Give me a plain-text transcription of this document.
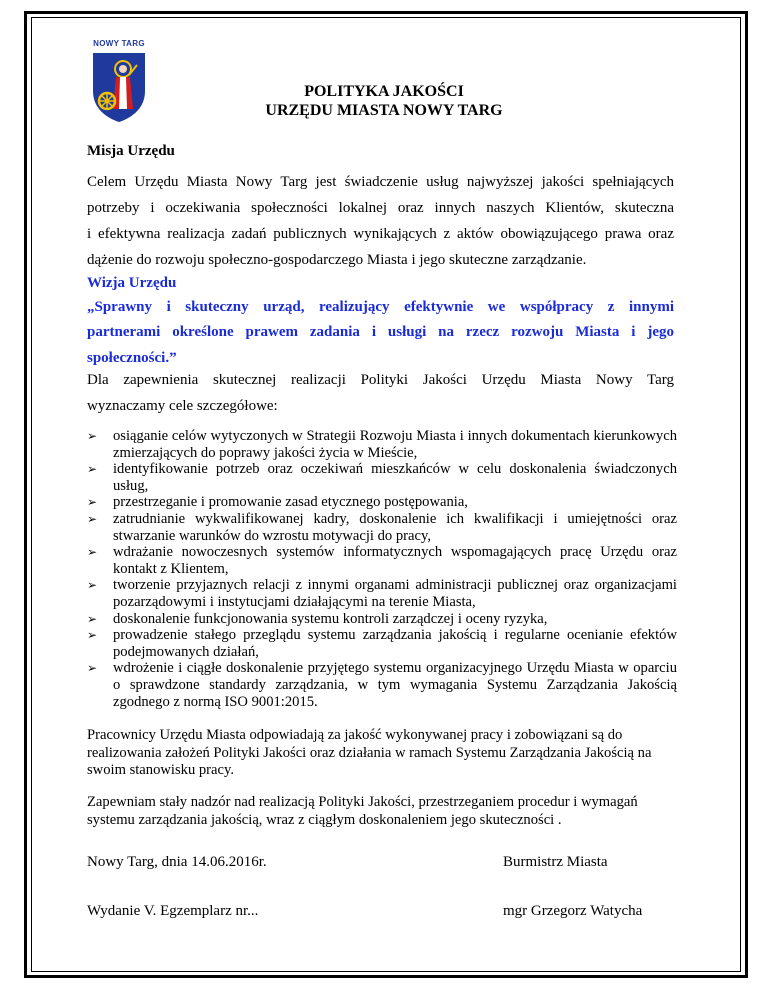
NOWY TARG
POLITYKA JAKOŚCI
URZĘDU MIASTA NOWY TARG
Misja Urzędu
Celem Urzędu Miasta Nowy Targ jest świadczenie usług najwyższej jakości spełniających
potrzeby i oczekiwania społeczności lokalnej oraz innych naszych Klientów, skuteczna
i efektywna realizacja zadań publicznych wynikających z aktów obowiązującego prawa oraz
dążenie do rozwoju społeczno-gospodarczego Miasta i jego skuteczne zarządzanie.
Wizja Urzędu
„Sprawny i skuteczny urząd, realizujący efektywnie we współpracy z innymi
partnerami określone prawem zadania i usługi na rzecz rozwoju Miasta i jego
społeczności.”
Dla zapewnienia skutecznej realizacji Polityki Jakości Urzędu Miasta Nowy Targ
wyznaczamy cele szczegółowe:
➢ osiąganie celów wytyczonych w Strategii Rozwoju Miasta i innych dokumentach kierunkowych zmierzających do poprawy jakości życia w Mieście,
➢ identyfikowanie potrzeb oraz oczekiwań mieszkańców w celu doskonalenia świadczonych usług,
➢ przestrzeganie i promowanie zasad etycznego postępowania,
➢ zatrudnianie wykwalifikowanej kadry, doskonalenie ich kwalifikacji i umiejętności oraz stwarzanie warunków do wzrostu motywacji do pracy,
➢ wdrażanie nowoczesnych systemów informatycznych wspomagających pracę Urzędu oraz kontakt z Klientem,
➢ tworzenie przyjaznych relacji z innymi organami administracji publicznej oraz organizacjami pozarządowymi i instytucjami działającymi na terenie Miasta,
➢ doskonalenie funkcjonowania systemu kontroli zarządczej i oceny ryzyka,
➢ prowadzenie stałego przeglądu systemu zarządzania jakością i regularne ocenianie efektów podejmowanych działań,
➢ wdrożenie i ciągłe doskonalenie przyjętego systemu organizacyjnego Urzędu Miasta w oparciu o sprawdzone standardy zarządzania, w tym wymagania Systemu Zarządzania Jakością zgodnego z normą ISO 9001:2015.
Pracownicy Urzędu Miasta odpowiadają za jakość wykonywanej pracy i zobowiązani są do realizowania założeń Polityki Jakości oraz działania w ramach Systemu Zarządzania Jakością na swoim stanowisku pracy.
Zapewniam stały nadzór nad realizacją Polityki Jakości, przestrzeganiem procedur i wymagań systemu zarządzania jakością, wraz z ciągłym doskonaleniem jego skuteczności .
Nowy Targ, dnia 14.06.2016r.
Wydanie V. Egzemplarz nr...
Burmistrz Miasta
mgr Grzegorz Watycha
